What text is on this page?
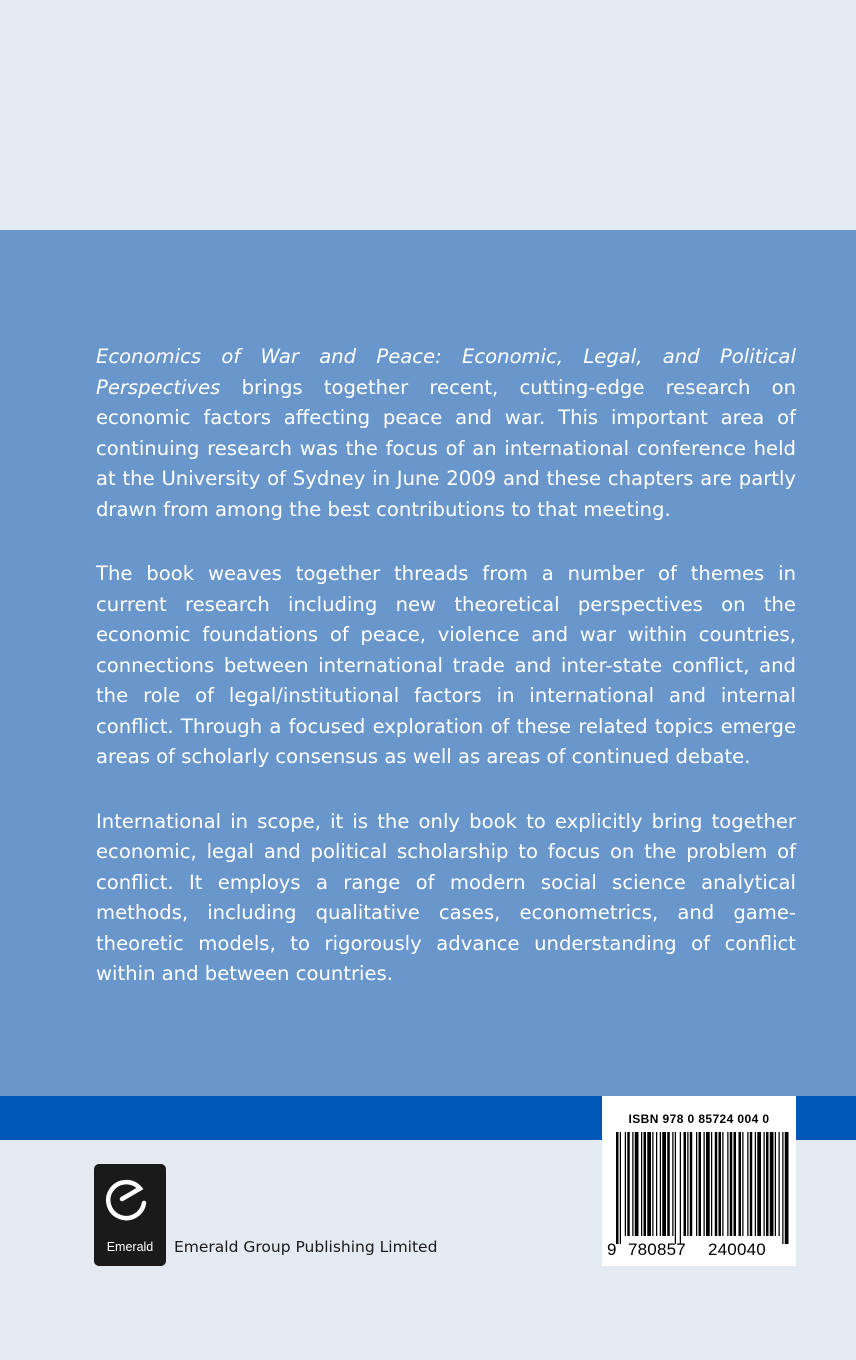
Economics of War and Peace: Economic, Legal, and Political Perspectives brings together recent, cutting-edge research on economic factors affecting peace and war. This important area of continuing research was the focus of an international conference held at the University of Sydney in June 2009 and these chapters are partly drawn from among the best contributions to that meeting.

The book weaves together threads from a number of themes in current research including new theoretical perspectives on the economic foundations of peace, violence and war within countries, connections between international trade and inter-state conflict, and the role of legal/institutional factors in international and internal conflict. Through a focused exploration of these related topics emerge areas of scholarly consensus as well as areas of continued debate.

International in scope, it is the only book to explicitly bring together economic, legal and political scholarship to focus on the problem of conflict. It employs a range of modern social science analytical methods, including qualitative cases, econometrics, and game-theoretic models, to rigorously advance understanding of conflict within and between countries.

Emerald	Emerald Group Publishing Limited
ISBN 978 0 85724 004 0
9 780857 240040
